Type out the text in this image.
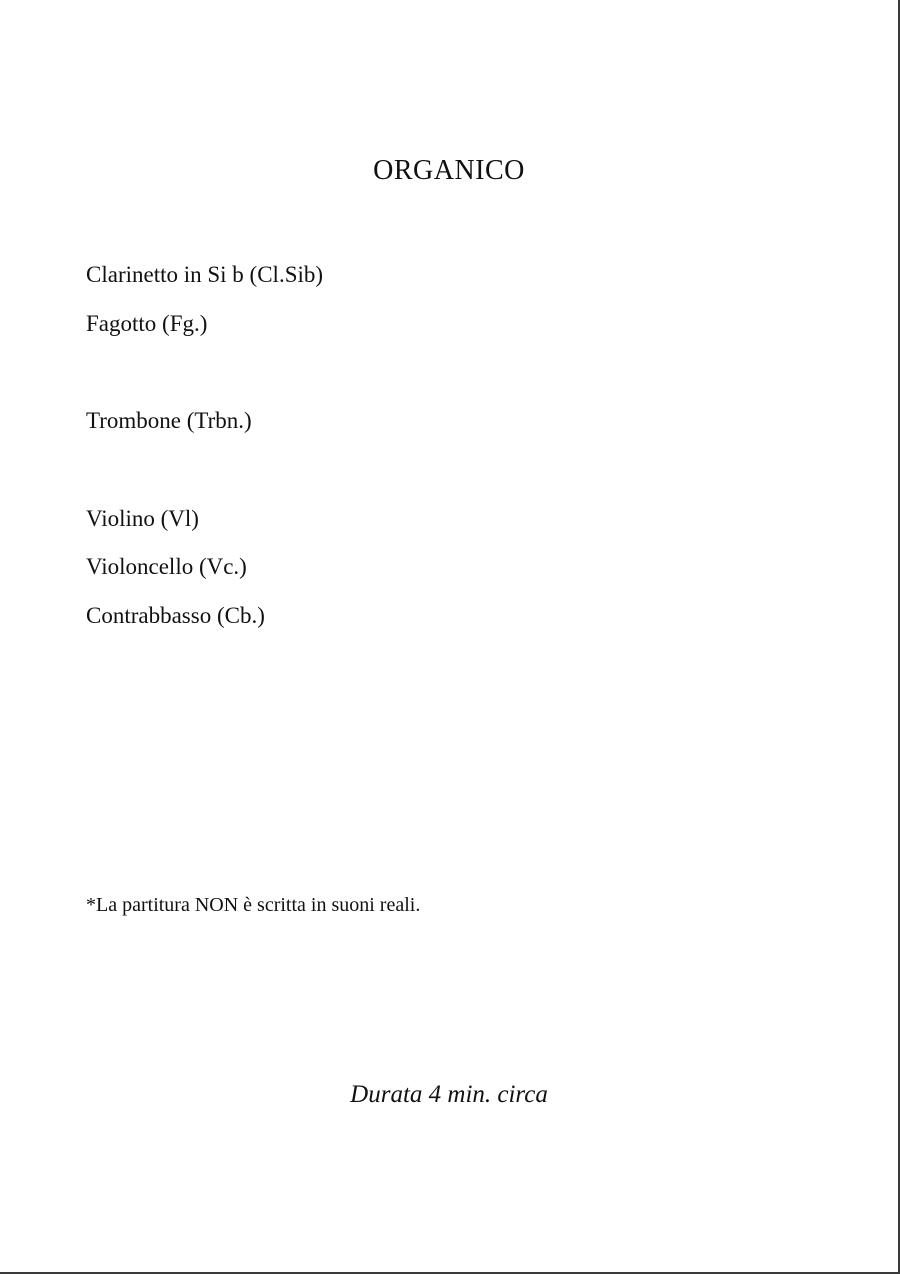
ORGANICO
Clarinetto in Si b (Cl.Sib)
Fagotto (Fg.)
Trombone (Trbn.)
Violino (Vl)
Violoncello (Vc.)
Contrabbasso (Cb.)
*La partitura NON è scritta in suoni reali.
Durata 4 min. circa
